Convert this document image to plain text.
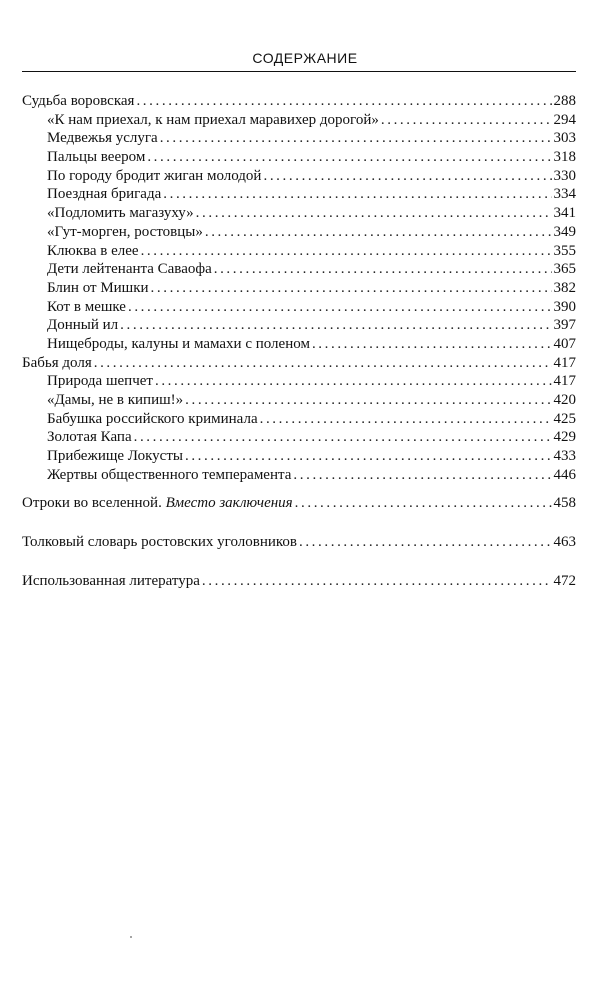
СОДЕРЖАНИЕ
Судьба воровская .....	288
«К нам приехал, к нам приехал маравихер дорогой» .....	294
Медвежья услуга .....	303
Пальцы веером .....	318
По городу бродит жиган молодой .....	330
Поездная бригада .....	334
«Подломить магазуху» .....	341
«Гут-морген, ростовцы» .....	349
Клюква в елее .....	355
Дети лейтенанта Саваофа .....	365
Блин от Мишки .....	382
Кот в мешке .....	390
Донный ил .....	397
Нищеброды, калуны и мамахи с поленом .....	407
Бабья доля .....	417
Природа шепчет .....	417
«Дамы, не в кипиш!» .....	420
Бабушка российского криминала .....	425
Золотая Капа .....	429
Прибежище Локусты .....	433
Жертвы общественного темперамента .....	446
Отроки во вселенной. Вместо заключения .....	458
Толковый словарь ростовских уголовников .....	463
Использованная литература .....	472
